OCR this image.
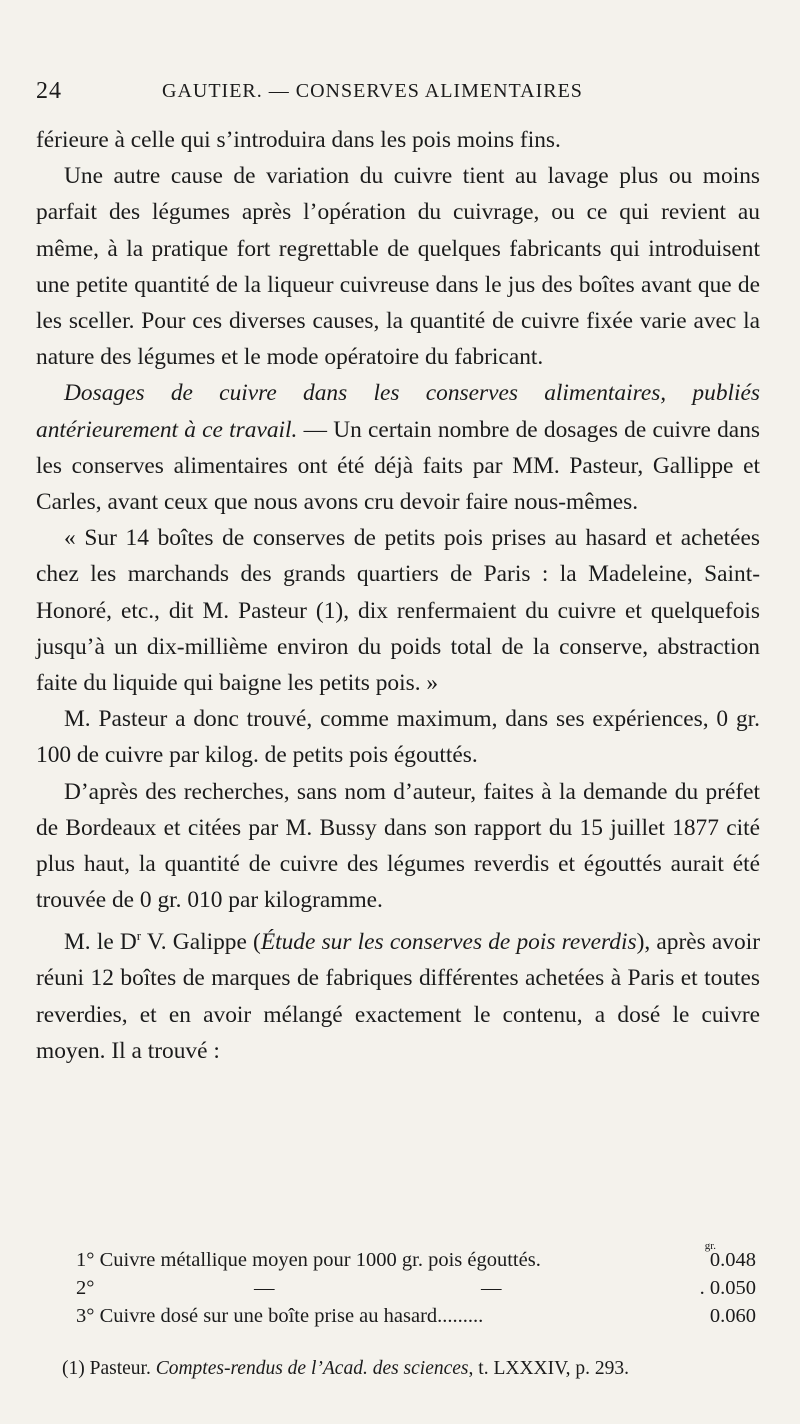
24	GAUTIER. — CONSERVES ALIMENTAIRES

férieure à celle qui s’introduira dans les pois moins fins.

Une autre cause de variation du cuivre tient au lavage plus ou moins parfait des légumes après l’opération du cuivrage, ou ce qui revient au même, à la pratique fort regrettable de quelques fabricants qui introduisent une petite quantité de la liqueur cuivreuse dans le jus des boîtes avant que de les sceller. Pour ces diverses causes, la quantité de cuivre fixée varie avec la nature des légumes et le mode opératoire du fabricant.

Dosages de cuivre dans les conserves alimentaires, publiés antérieurement à ce travail. — Un certain nombre de dosages de cuivre dans les conserves alimentaires ont été déjà faits par MM. Pasteur, Gallippe et Carles, avant ceux que nous avons cru devoir faire nous-mêmes.

« Sur 14 boîtes de conserves de petits pois prises au hasard et achetées chez les marchands des grands quartiers de Paris : la Madeleine, Saint-Honoré, etc., dit M. Pasteur (1), dix renfermaient du cuivre et quelquefois jusqu’à un dix-millième environ du poids total de la conserve, abstraction faite du liquide qui baigne les petits pois. »

M. Pasteur a donc trouvé, comme maximum, dans ses expériences, 0 gr. 100 de cuivre par kilog. de petits pois égouttés.

D’après des recherches, sans nom d’auteur, faites à la demande du préfet de Bordeaux et citées par M. Bussy dans son rapport du 15 juillet 1877 cité plus haut, la quantité de cuivre des légumes reverdis et égouttés aurait été trouvée de 0 gr. 010 par kilogramme.

M. le $D^r$ V. Galippe (Étude sur les conserves de pois reverdis), après avoir réuni 12 boîtes de marques de fabriques différentes achetées à Paris et toutes reverdies, et en avoir mélangé exactement le contenu, a dosé le cuivre moyen. Il a trouvé :

gr.
1° Cuivre métallique moyen pour 1000 gr. pois égouttés.	0.048
2°	—	—	. 0.050
3° Cuivre dosé sur une boîte prise au hasard.........	0.060
(1) Pasteur. Comptes-rendus de l’Acad. des sciences, t. LXXXIV, p. 293.
